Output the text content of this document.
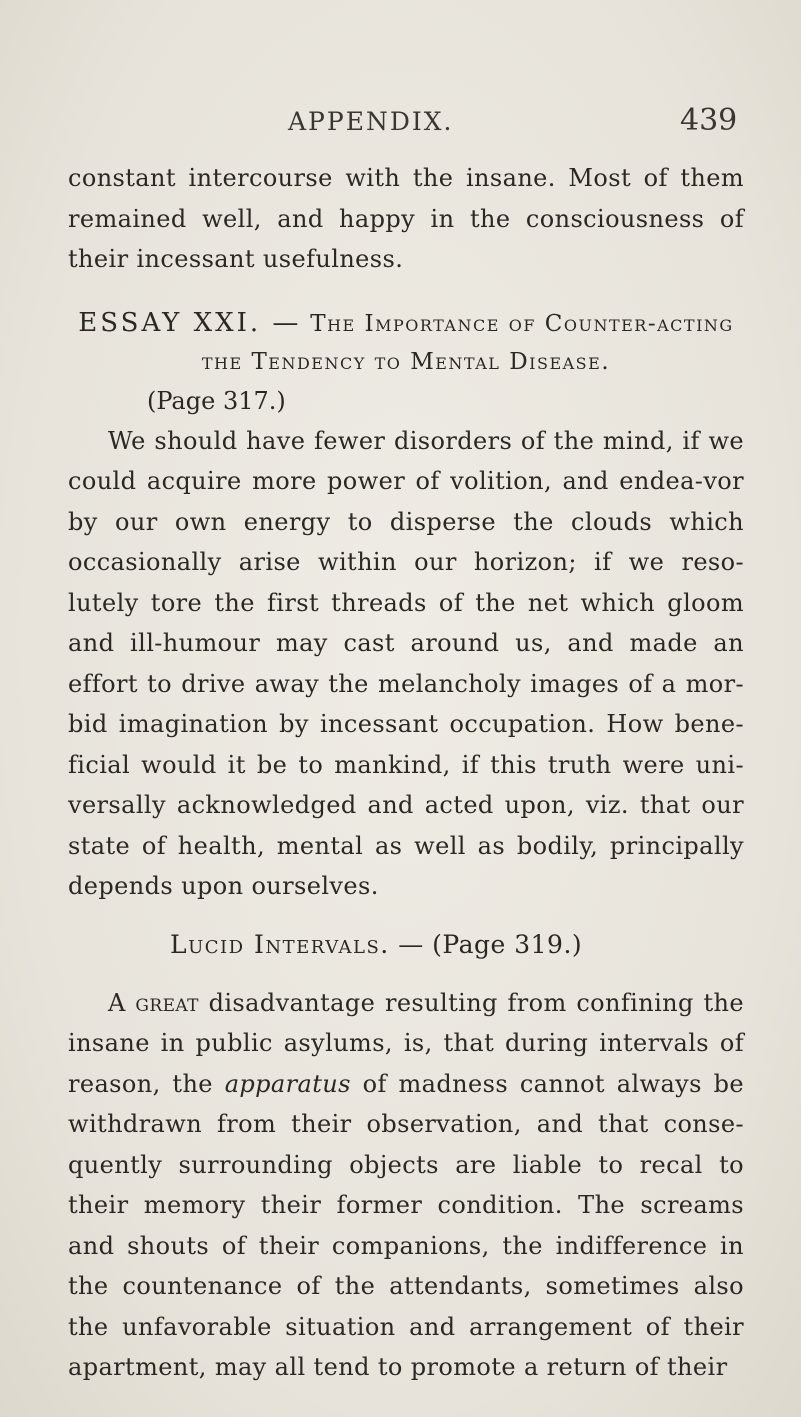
APPENDIX.	439

constant intercourse with the insane. Most of them remained well, and happy in the consciousness of their incessant usefulness.

ESSAY XXI. — The Importance of Counter-acting the Tendency to Mental Disease.
(Page 317.)

We should have fewer disorders of the mind, if we could acquire more power of volition, and endea-vor by our own energy to disperse the clouds which occasionally arise within our horizon; if we reso-lutely tore the first threads of the net which gloom and ill-humour may cast around us, and made an effort to drive away the melancholy images of a mor-bid imagination by incessant occupation. How bene-ficial would it be to mankind, if this truth were uni-versally acknowledged and acted upon, viz. that our state of health, mental as well as bodily, principally depends upon ourselves.

Lucid Intervals. — (Page 319.)

A great disadvantage resulting from confining the insane in public asylums, is, that during intervals of reason, the apparatus of madness cannot always be withdrawn from their observation, and that conse-quently surrounding objects are liable to recal to their memory their former condition. The screams and shouts of their companions, the indifference in the countenance of the attendants, sometimes also the unfavorable situation and arrangement of their apartment, may all tend to promote a return of their
